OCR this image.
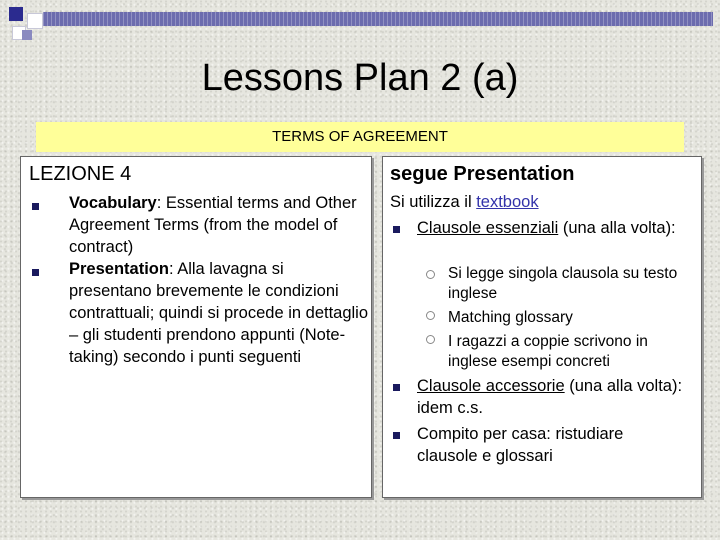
Lessons Plan 2 (a)
TERMS OF AGREEMENT
LEZIONE 4
Vocabulary: Essential terms and Other Agreement Terms (from the model of contract)
Presentation: Alla lavagna si presentano brevemente le condizioni contrattuali; quindi si procede in dettaglio – gli studenti prendono appunti (Note-taking) secondo i punti seguenti
segue Presentation
Si utilizza il textbook
Clausole essenziali (una alla volta):
Si legge singola clausola su testo inglese
Matching glossary
I ragazzi a coppie scrivono in inglese esempi concreti
Clausole accessorie (una alla volta): idem c.s.
Compito per casa: ristudiare clausole e glossari
